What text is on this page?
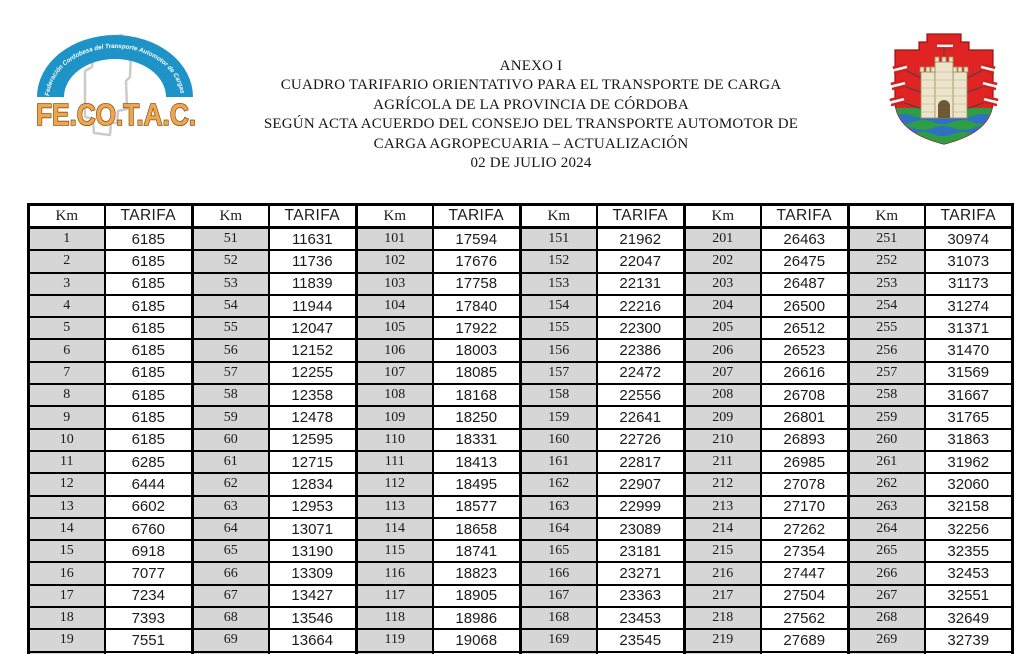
Federación Cordobesa del Transporte Automotor de Cargas
FE.CO.T.A.C.
ANEXO I
CUADRO TARIFARIO ORIENTATIVO PARA EL TRANSPORTE DE CARGA
AGRÍCOLA DE LA PROVINCIA DE CÓRDOBA
SEGÚN ACTA ACUERDO DEL CONSEJO DEL TRANSPORTE AUTOMOTOR DE
CARGA AGROPECUARIA – ACTUALIZACIÓN
02 DE JULIO 2024
Km	TARIFA	Km	TARIFA	Km	TARIFA	Km	TARIFA	Km	TARIFA	Km	TARIFA
1	6185	51	11631	101	17594	151	21962	201	26463	251	30974
2	6185	52	11736	102	17676	152	22047	202	26475	252	31073
3	6185	53	11839	103	17758	153	22131	203	26487	253	31173
4	6185	54	11944	104	17840	154	22216	204	26500	254	31274
5	6185	55	12047	105	17922	155	22300	205	26512	255	31371
6	6185	56	12152	106	18003	156	22386	206	26523	256	31470
7	6185	57	12255	107	18085	157	22472	207	26616	257	31569
8	6185	58	12358	108	18168	158	22556	208	26708	258	31667
9	6185	59	12478	109	18250	159	22641	209	26801	259	31765
10	6185	60	12595	110	18331	160	22726	210	26893	260	31863
11	6285	61	12715	111	18413	161	22817	211	26985	261	31962
12	6444	62	12834	112	18495	162	22907	212	27078	262	32060
13	6602	63	12953	113	18577	163	22999	213	27170	263	32158
14	6760	64	13071	114	18658	164	23089	214	27262	264	32256
15	6918	65	13190	115	18741	165	23181	215	27354	265	32355
16	7077	66	13309	116	18823	166	23271	216	27447	266	32453
17	7234	67	13427	117	18905	167	23363	217	27504	267	32551
18	7393	68	13546	118	18986	168	23453	218	27562	268	32649
19	7551	69	13664	119	19068	169	23545	219	27689	269	32739
